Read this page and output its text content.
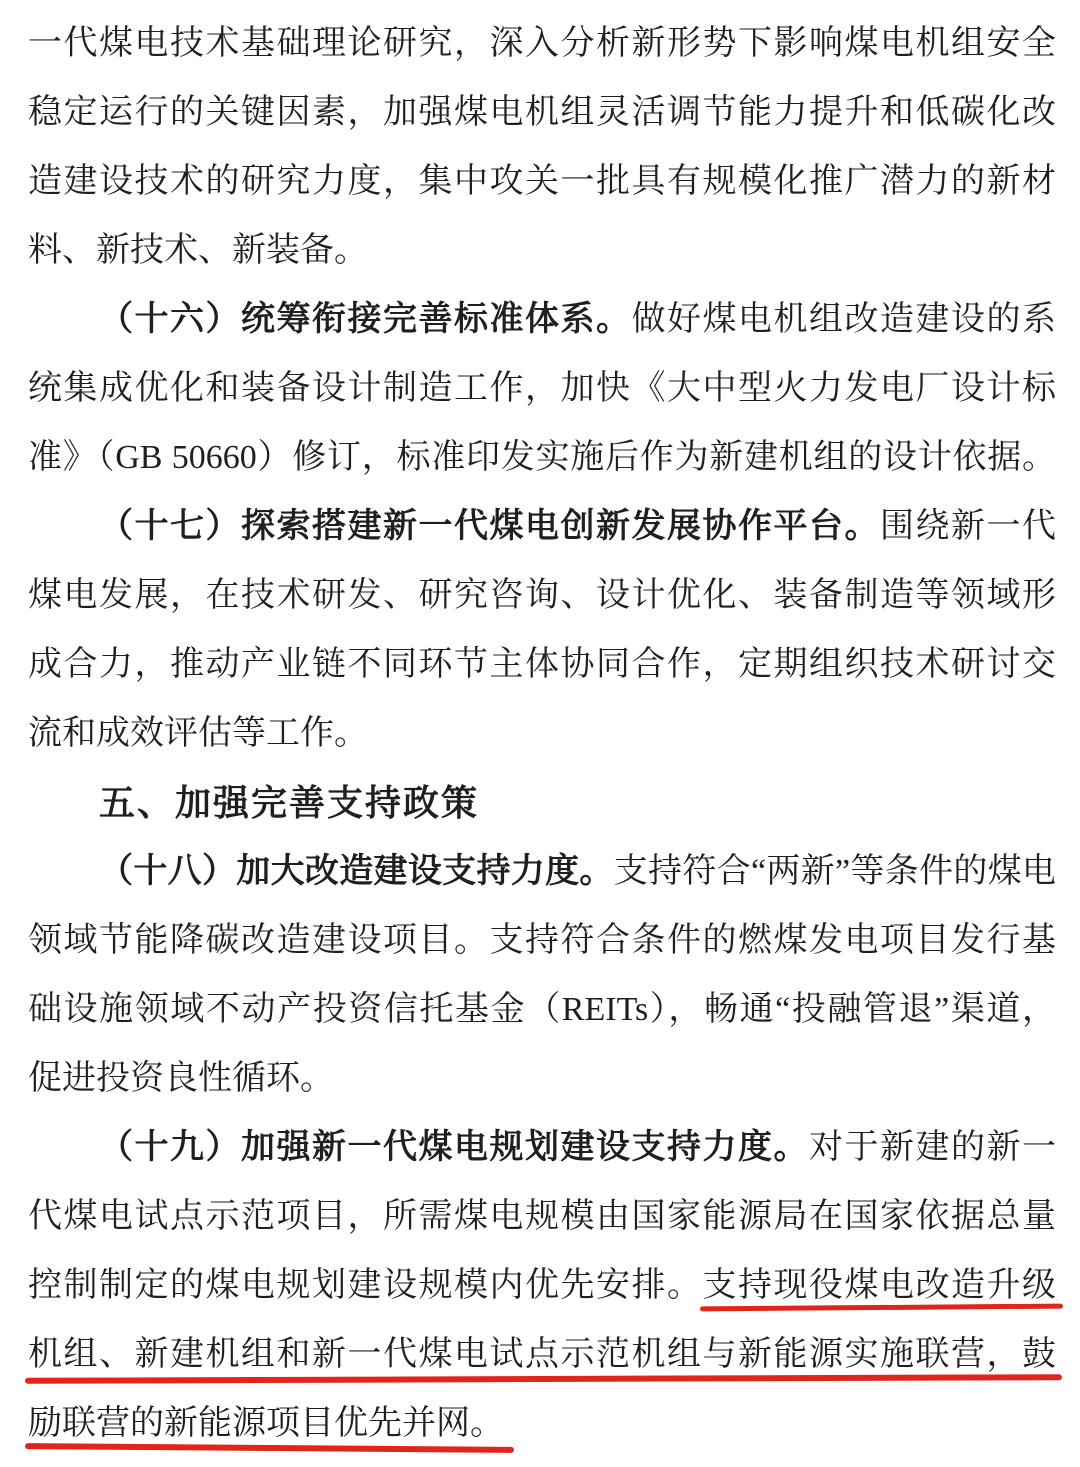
一代煤电技术基础理论研究，深入分析新形势下影响煤电机组安全
稳定运行的关键因素，加强煤电机组灵活调节能力提升和低碳化改
造建设技术的研究力度，集中攻关一批具有规模化推广潜力的新材
料、新技术、新装备。
（十六）统筹衔接完善标准体系。做好煤电机组改造建设的系
统集成优化和装备设计制造工作，加快《大中型火力发电厂设计标
准》（GB 50660）修订，标准印发实施后作为新建机组的设计依据。
（十七）探索搭建新一代煤电创新发展协作平台。围绕新一代
煤电发展，在技术研发、研究咨询、设计优化、装备制造等领域形
成合力，推动产业链不同环节主体协同合作，定期组织技术研讨交
流和成效评估等工作。
五、加强完善支持政策
（十八）加大改造建设支持力度。支持符合“两新”等条件的煤电
领域节能降碳改造建设项目。支持符合条件的燃煤发电项目发行基
础设施领域不动产投资信托基金（REITs），畅通“投融管退”渠道，
促进投资良性循环。
（十九）加强新一代煤电规划建设支持力度。对于新建的新一
代煤电试点示范项目，所需煤电规模由国家能源局在国家依据总量
控制制定的煤电规划建设规模内优先安排。支持现役煤电改造升级
机组、新建机组和新一代煤电试点示范机组与新能源实施联营，鼓
励联营的新能源项目优先并网。
